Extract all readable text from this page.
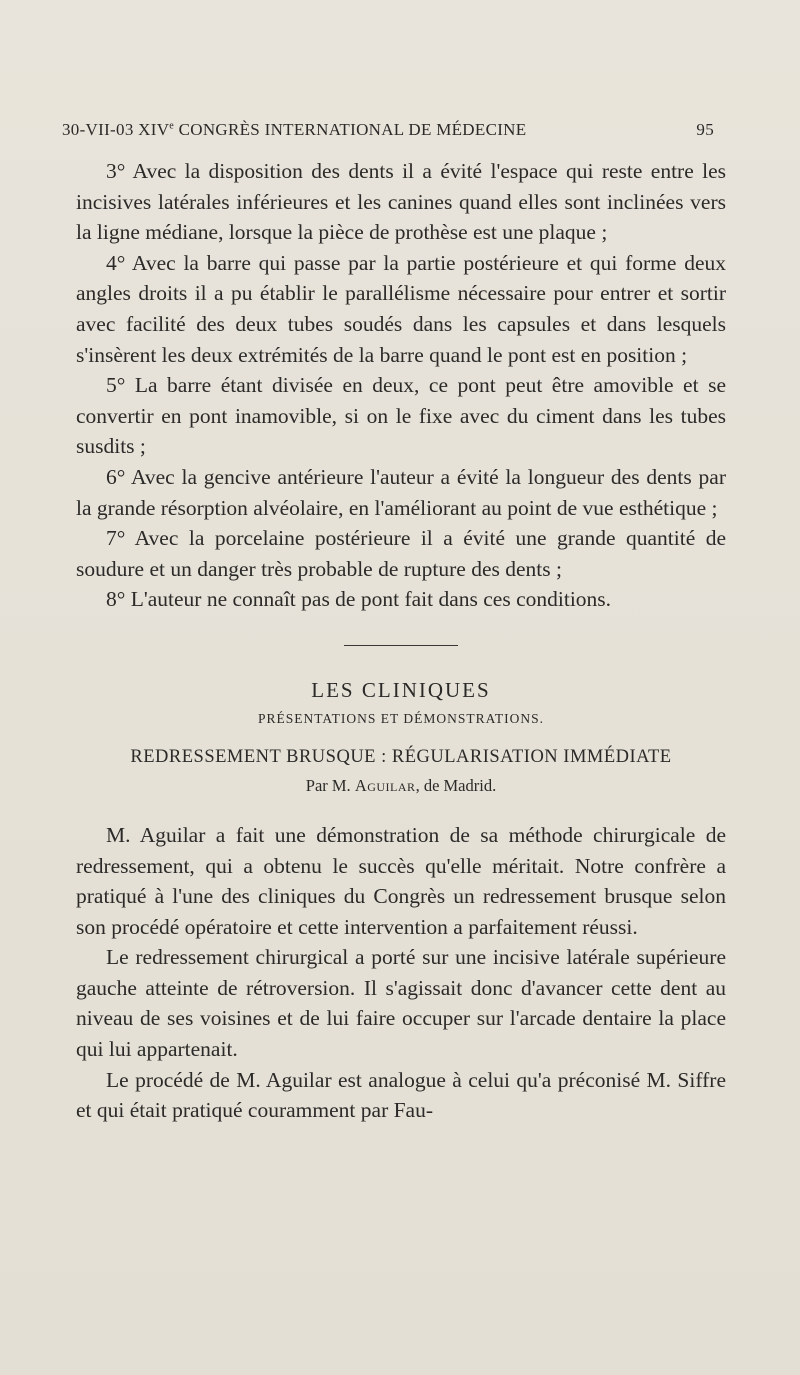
30-VII-03 XIVe CONGRÈS INTERNATIONAL DE MÉDECINE	95

3° Avec la disposition des dents il a évité l'espace qui reste entre les incisives latérales inférieures et les canines quand elles sont inclinées vers la ligne médiane, lorsque la pièce de prothèse est une plaque ;

4° Avec la barre qui passe par la partie postérieure et qui forme deux angles droits il a pu établir le parallélisme nécessaire pour entrer et sortir avec facilité des deux tubes soudés dans les capsules et dans lesquels s'insèrent les deux extrémités de la barre quand le pont est en position ;

5° La barre étant divisée en deux, ce pont peut être amovible et se convertir en pont inamovible, si on le fixe avec du ciment dans les tubes susdits ;

6° Avec la gencive antérieure l'auteur a évité la longueur des dents par la grande résorption alvéolaire, en l'améliorant au point de vue esthétique ;

7° Avec la porcelaine postérieure il a évité une grande quantité de soudure et un danger très probable de rupture des dents ;

8° L'auteur ne connaît pas de pont fait dans ces conditions.

LES CLINIQUES
PRÉSENTATIONS ET DÉMONSTRATIONS.
REDRESSEMENT BRUSQUE : RÉGULARISATION IMMÉDIATE
Par M. Aguilar, de Madrid.

M. Aguilar a fait une démonstration de sa méthode chirurgicale de redressement, qui a obtenu le succès qu'elle méritait. Notre confrère a pratiqué à l'une des cliniques du Congrès un redressement brusque selon son procédé opératoire et cette intervention a parfaitement réussi.

Le redressement chirurgical a porté sur une incisive latérale supérieure gauche atteinte de rétroversion. Il s'agissait donc d'avancer cette dent au niveau de ses voisines et de lui faire occuper sur l'arcade dentaire la place qui lui appartenait.

Le procédé de M. Aguilar est analogue à celui qu'a préconisé M. Siffre et qui était pratiqué couramment par Fau-
